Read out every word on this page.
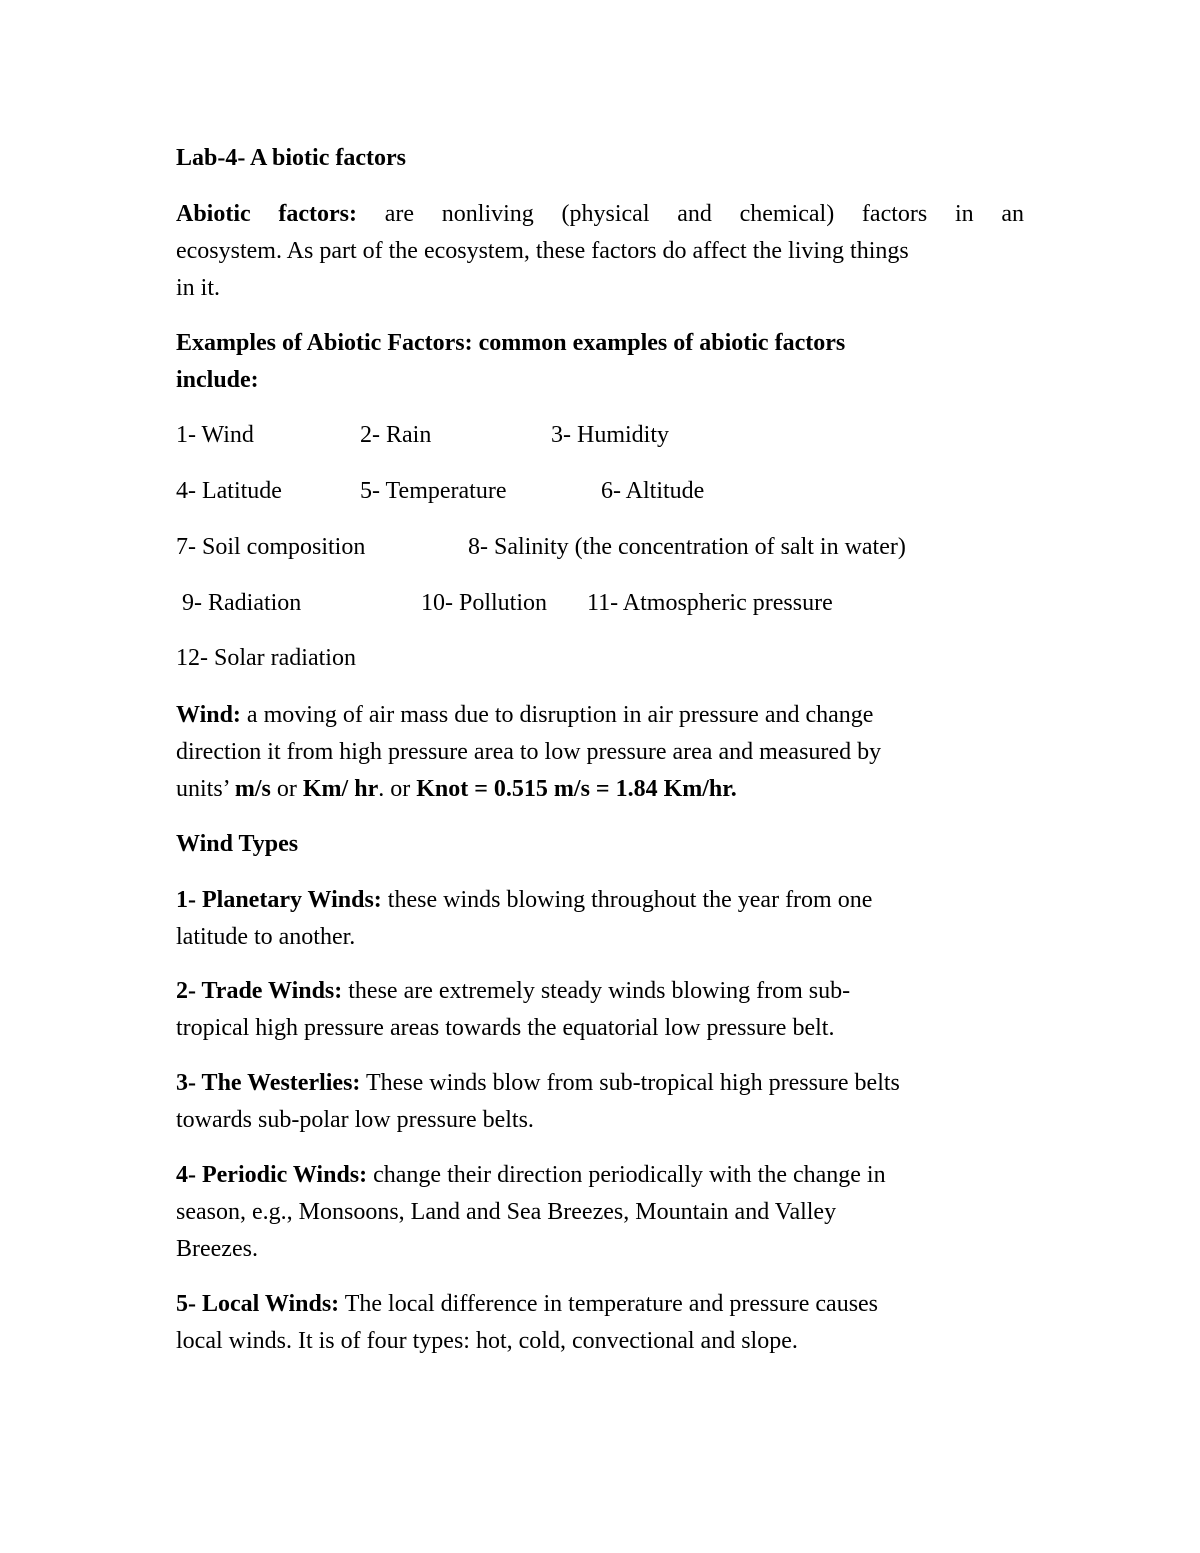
Lab-4- A biotic factors
Abiotic factors: are nonliving (physical and chemical) factors in an
ecosystem. As part of the ecosystem, these factors do affect the living things
in it.
Examples of Abiotic Factors: common examples of abiotic factors
include:
1- Wind	2- Rain	3- Humidity
4- Latitude	5- Temperature	6- Altitude
7- Soil composition	8- Salinity (the concentration of salt in water)
9- Radiation	10- Pollution 11- Atmospheric pressure
12- Solar radiation
Wind: a moving of air mass due to disruption in air pressure and change
direction it from high pressure area to low pressure area and measured by
units’ m/s or Km/ hr. or Knot = 0.515 m/s = 1.84 Km/hr.
Wind Types
1- Planetary Winds: these winds blowing throughout the year from one
latitude to another.
2- Trade Winds: these are extremely steady winds blowing from sub-
tropical high pressure areas towards the equatorial low pressure belt.
3- The Westerlies: These winds blow from sub-tropical high pressure belts
towards sub-polar low pressure belts.
4- Periodic Winds: change their direction periodically with the change in
season, e.g., Monsoons, Land and Sea Breezes, Mountain and Valley
Breezes.
5- Local Winds: The local difference in temperature and pressure causes
local winds. It is of four types: hot, cold, convectional and slope.
